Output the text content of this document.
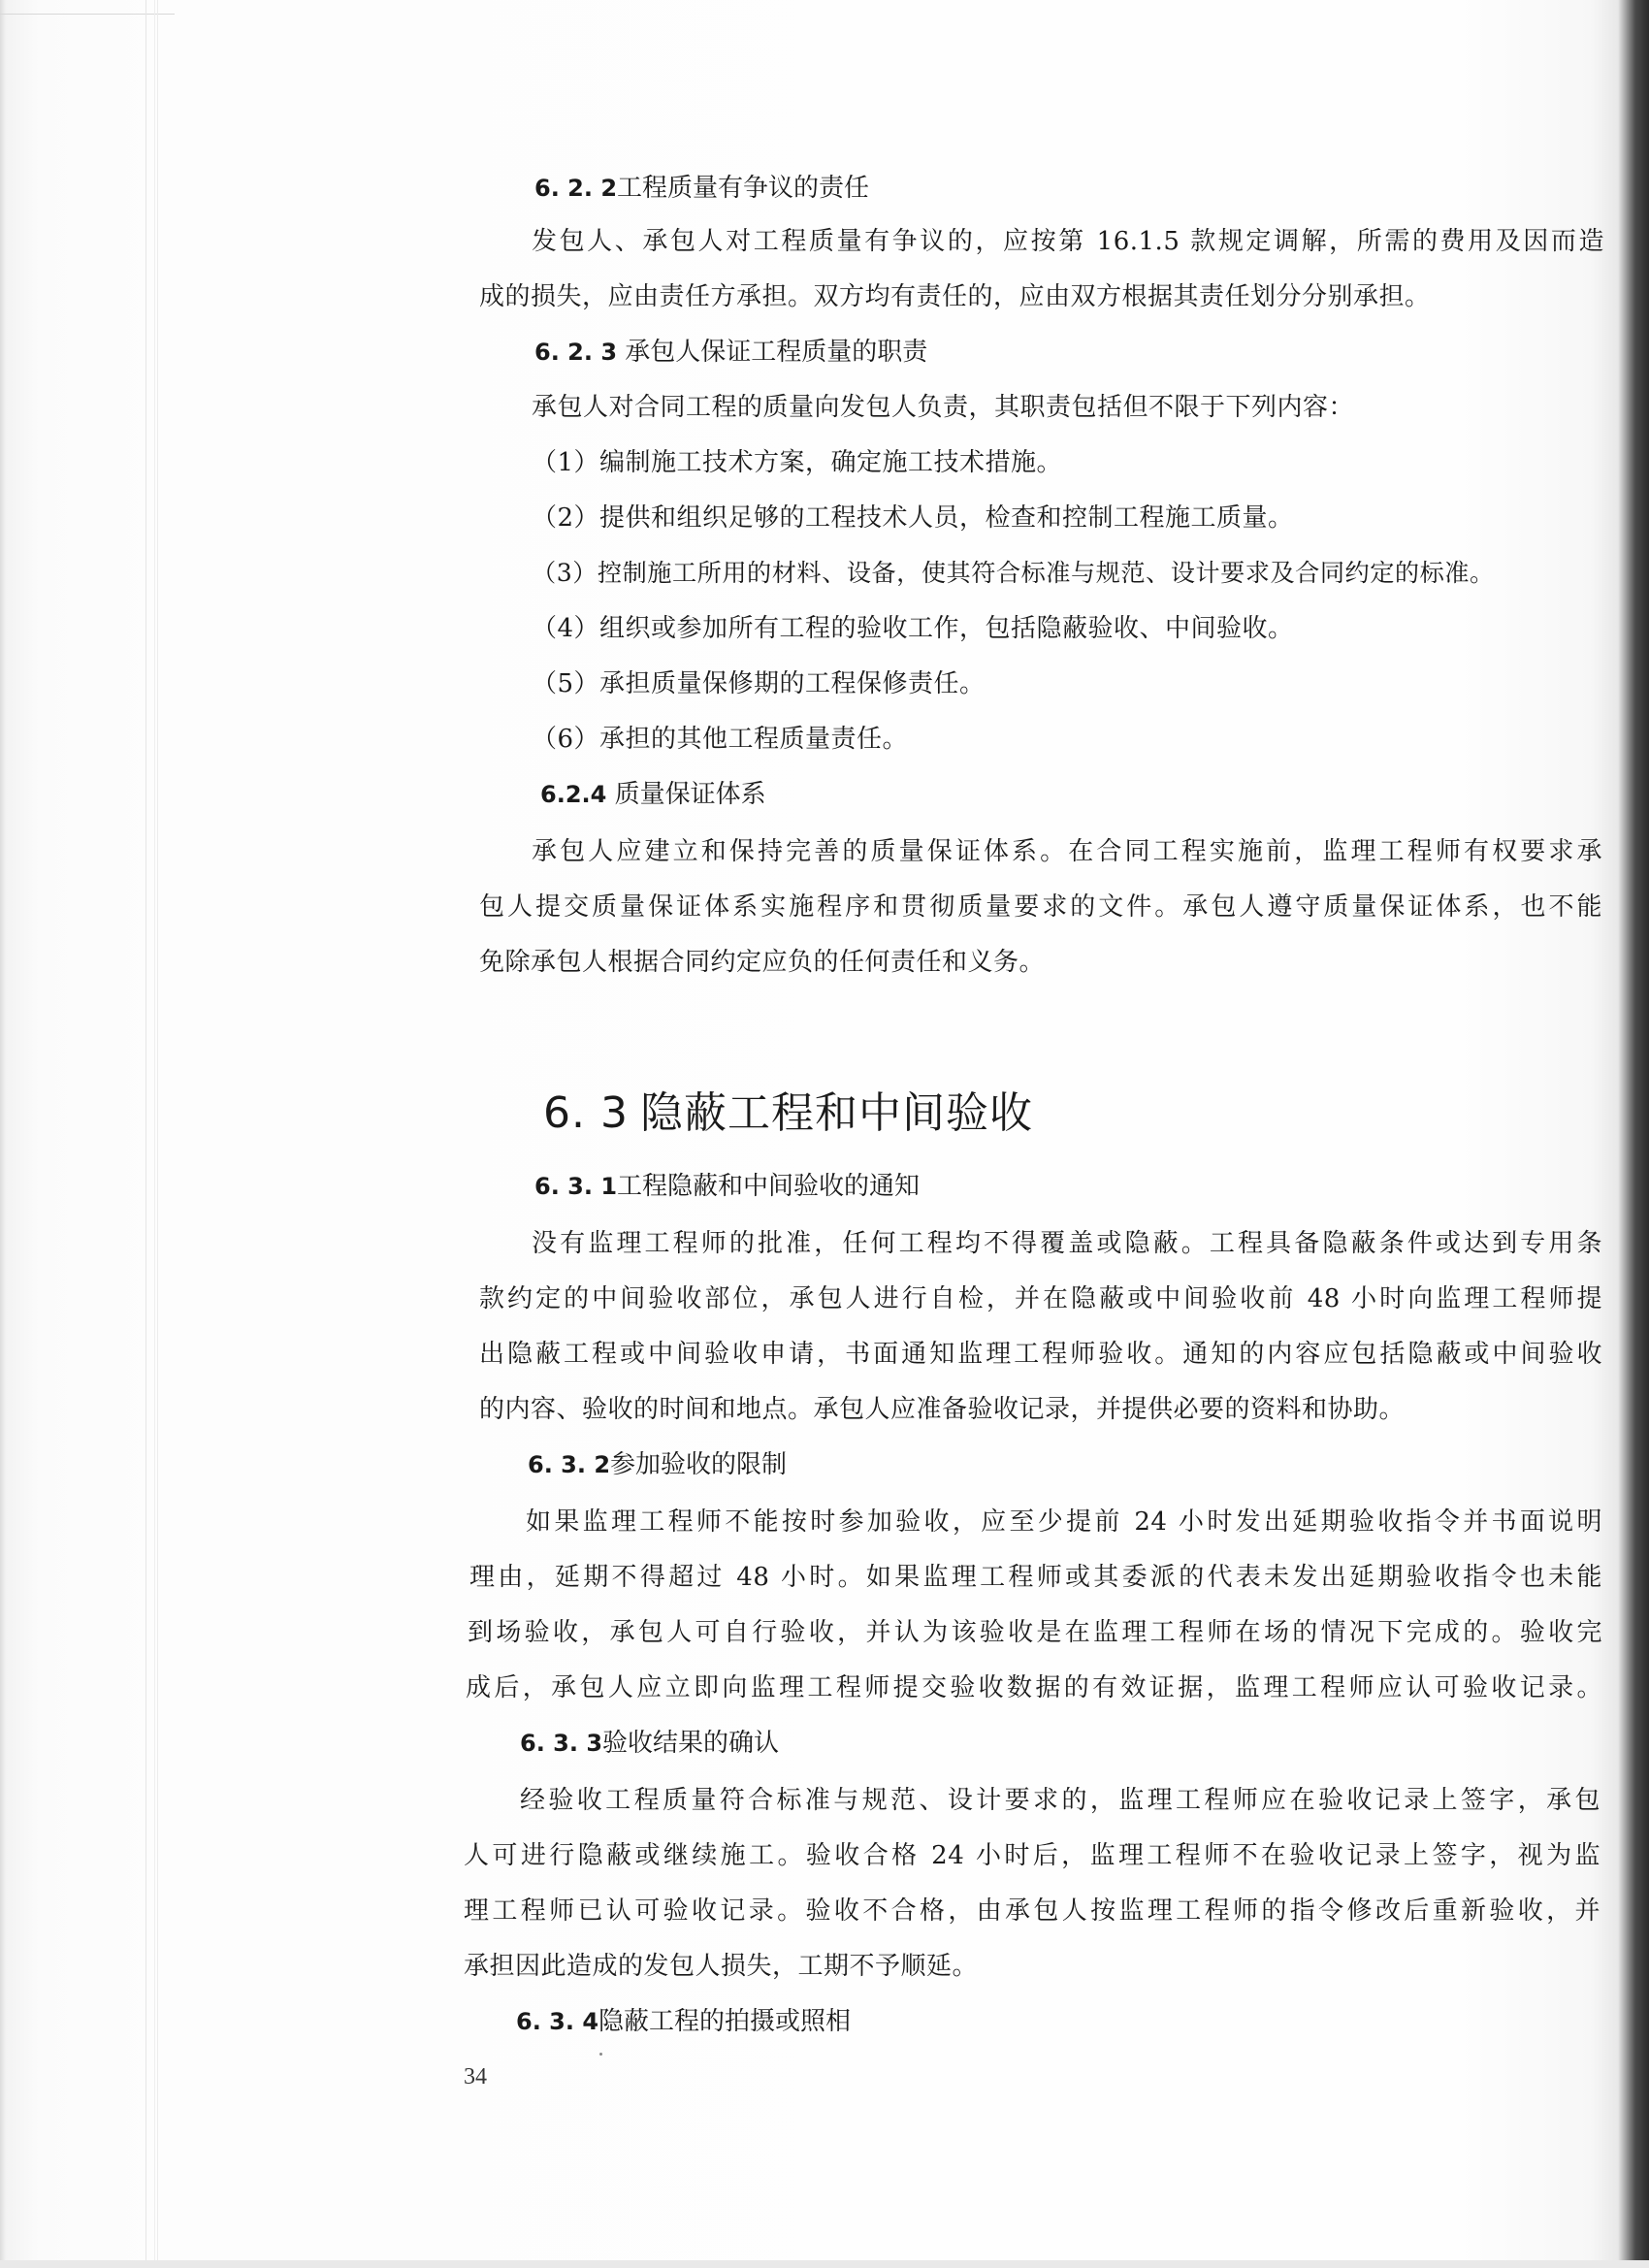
6. 2. 2工程质量有争议的责任
发包人、承包人对工程质量有争议的，应按第 16.1.5 款规定调解，所需的费用及因而造
成的损失，应由责任方承担。双方均有责任的，应由双方根据其责任划分分别承担。
6. 2. 3 承包人保证工程质量的职责
承包人对合同工程的质量向发包人负责，其职责包括但不限于下列内容：
（1）编制施工技术方案，确定施工技术措施。
（2）提供和组织足够的工程技术人员，检查和控制工程施工质量。
（3）控制施工所用的材料、设备，使其符合标准与规范、设计要求及合同约定的标准。
（4）组织或参加所有工程的验收工作，包括隐蔽验收、中间验收。
（5）承担质量保修期的工程保修责任。
（6）承担的其他工程质量责任。
6.2.4 质量保证体系
承包人应建立和保持完善的质量保证体系。在合同工程实施前，监理工程师有权要求承
包人提交质量保证体系实施程序和贯彻质量要求的文件。承包人遵守质量保证体系，也不能
免除承包人根据合同约定应负的任何责任和义务。
6. 3 隐蔽工程和中间验收
6. 3. 1工程隐蔽和中间验收的通知
没有监理工程师的批准，任何工程均不得覆盖或隐蔽。工程具备隐蔽条件或达到专用条
款约定的中间验收部位，承包人进行自检，并在隐蔽或中间验收前 48 小时向监理工程师提
出隐蔽工程或中间验收申请，书面通知监理工程师验收。通知的内容应包括隐蔽或中间验收
的内容、验收的时间和地点。承包人应准备验收记录，并提供必要的资料和协助。
6. 3. 2参加验收的限制
如果监理工程师不能按时参加验收，应至少提前 24 小时发出延期验收指令并书面说明
理由，延期不得超过 48 小时。如果监理工程师或其委派的代表未发出延期验收指令也未能
到场验收，承包人可自行验收，并认为该验收是在监理工程师在场的情况下完成的。验收完
成后，承包人应立即向监理工程师提交验收数据的有效证据，监理工程师应认可验收记录。
6. 3. 3验收结果的确认
经验收工程质量符合标准与规范、设计要求的，监理工程师应在验收记录上签字，承包
人可进行隐蔽或继续施工。验收合格 24 小时后，监理工程师不在验收记录上签字，视为监
理工程师已认可验收记录。验收不合格，由承包人按监理工程师的指令修改后重新验收，并
承担因此造成的发包人损失，工期不予顺延。
6. 3. 4隐蔽工程的拍摄或照相
34
